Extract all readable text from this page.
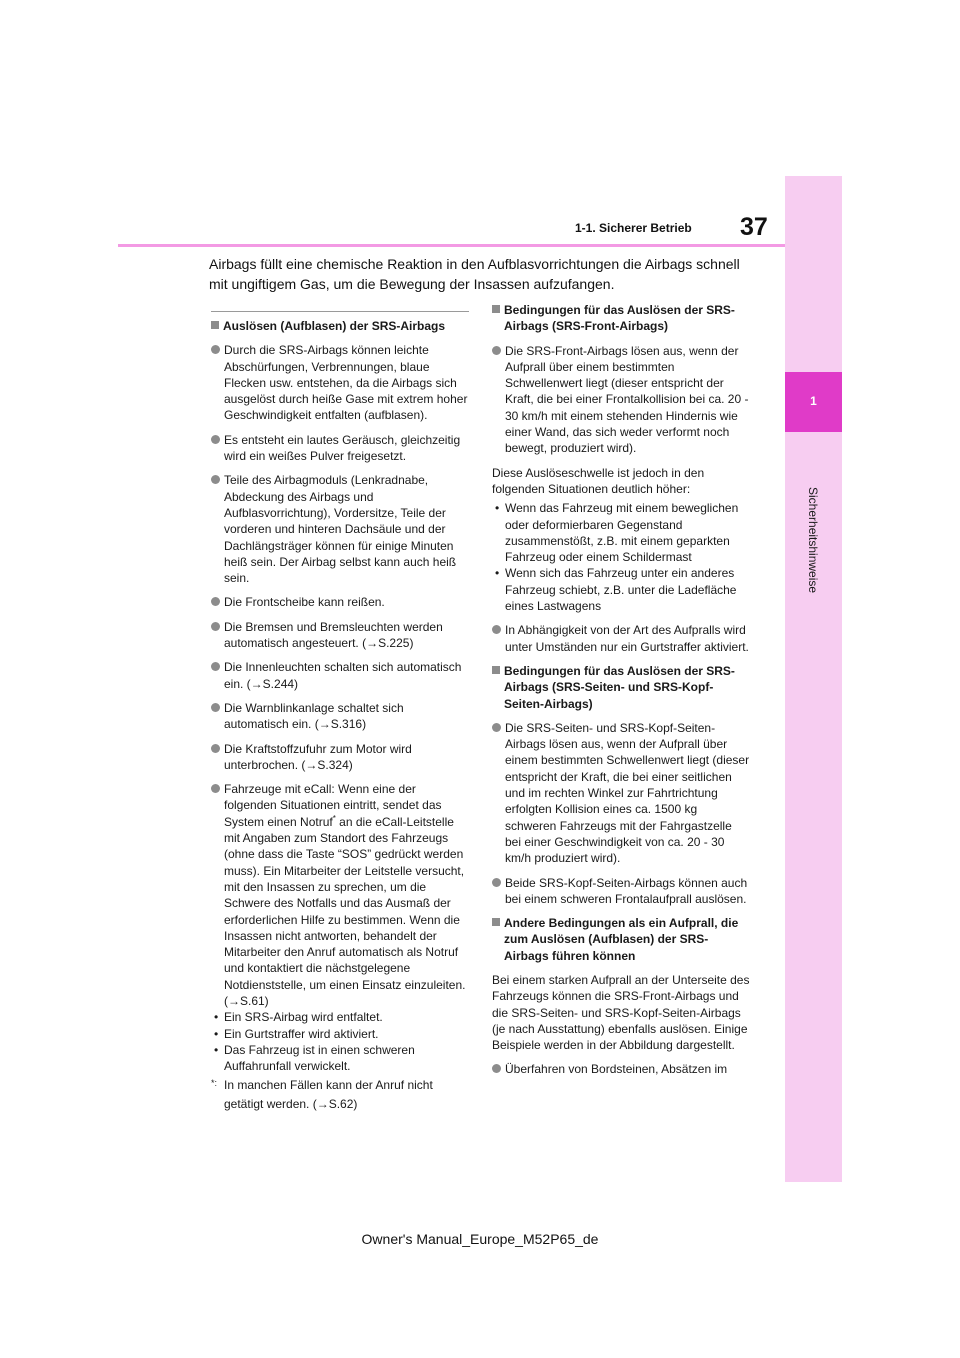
37
1-1. Sicherer Betrieb
1
Sicherheitshinweise
Airbags füllt eine chemische Reaktion in den Aufblasvorrichtungen die Airbags schnell mit ungiftigem Gas, um die Bewegung der Insassen aufzufangen.
Auslösen (Aufblasen) der SRS-Airbags
Durch die SRS-Airbags können leichte Abschürfungen, Verbrennungen, blaue Flecken usw. entstehen, da die Airbags sich ausgelöst durch heiße Gase mit extrem hoher Geschwindigkeit entfalten (aufblasen).
Es entsteht ein lautes Geräusch, gleichzeitig wird ein weißes Pulver freigesetzt.
Teile des Airbagmoduls (Lenkradnabe, Abdeckung des Airbags und Aufblasvorrichtung), Vordersitze, Teile der vorderen und hinteren Dachsäule und der Dachlängsträger können für einige Minuten heiß sein. Der Airbag selbst kann auch heiß sein.
Die Frontscheibe kann reißen.
Die Bremsen und Bremsleuchten werden automatisch angesteuert. (→S.225)
Die Innenleuchten schalten sich automatisch ein. (→S.244)
Die Warnblinkanlage schaltet sich automatisch ein. (→S.316)
Die Kraftstoffzufuhr zum Motor wird unterbrochen. (→S.324)
Fahrzeuge mit eCall: Wenn eine der folgenden Situationen eintritt, sendet das System einen Notruf* an die eCall-Leitstelle mit Angaben zum Standort des Fahrzeugs (ohne dass die Taste “SOS” gedrückt werden muss). Ein Mitarbeiter der Leitstelle versucht, mit den Insassen zu sprechen, um die Schwere des Notfalls und das Ausmaß der erforderlichen Hilfe zu bestimmen. Wenn die Insassen nicht antworten, behandelt der Mitarbeiter den Anruf automatisch als Notruf und kontaktiert die nächstgelegene Notdienststelle, um einen Einsatz einzuleiten. (→S.61)
• Ein SRS-Airbag wird entfaltet.
• Ein Gurtstraffer wird aktiviert.
• Das Fahrzeug ist in einen schweren Auffahrunfall verwickelt.
*: In manchen Fällen kann der Anruf nicht getätigt werden. (→S.62)
Bedingungen für das Auslösen der SRS-Airbags (SRS-Front-Airbags)
Die SRS-Front-Airbags lösen aus, wenn der Aufprall über einem bestimmten Schwellenwert liegt (dieser entspricht der Kraft, die bei einer Frontalkollision bei ca. 20 - 30 km/h mit einem stehenden Hindernis wie einer Wand, das sich weder verformt noch bewegt, produziert wird).
Diese Auslöseschwelle ist jedoch in den folgenden Situationen deutlich höher:
• Wenn das Fahrzeug mit einem beweglichen oder deformierbaren Gegenstand zusammenstößt, z.B. mit einem geparkten Fahrzeug oder einem Schildermast
• Wenn sich das Fahrzeug unter ein anderes Fahrzeug schiebt, z.B. unter die Ladefläche eines Lastwagens
In Abhängigkeit von der Art des Aufpralls wird unter Umständen nur ein Gurtstraffer aktiviert.
Bedingungen für das Auslösen der SRS-Airbags (SRS-Seiten- und SRS-Kopf-Seiten-Airbags)
Die SRS-Seiten- und SRS-Kopf-Seiten-Airbags lösen aus, wenn der Aufprall über einem bestimmten Schwellenwert liegt (dieser entspricht der Kraft, die bei einer seitlichen und im rechten Winkel zur Fahrtrichtung erfolgten Kollision eines ca. 1500 kg schweren Fahrzeugs mit der Fahrgastzelle bei einer Geschwindigkeit von ca. 20 - 30 km/h produziert wird).
Beide SRS-Kopf-Seiten-Airbags können auch bei einem schweren Frontalaufprall auslösen.
Andere Bedingungen als ein Aufprall, die zum Auslösen (Aufblasen) der SRS-Airbags führen können
Bei einem starken Aufprall an der Unterseite des Fahrzeugs können die SRS-Front-Airbags und die SRS-Seiten- und SRS-Kopf-Seiten-Airbags (je nach Ausstattung) ebenfalls auslösen. Einige Beispiele werden in der Abbildung dargestellt.
Überfahren von Bordsteinen, Absätzen im
Owner's Manual_Europe_M52P65_de
